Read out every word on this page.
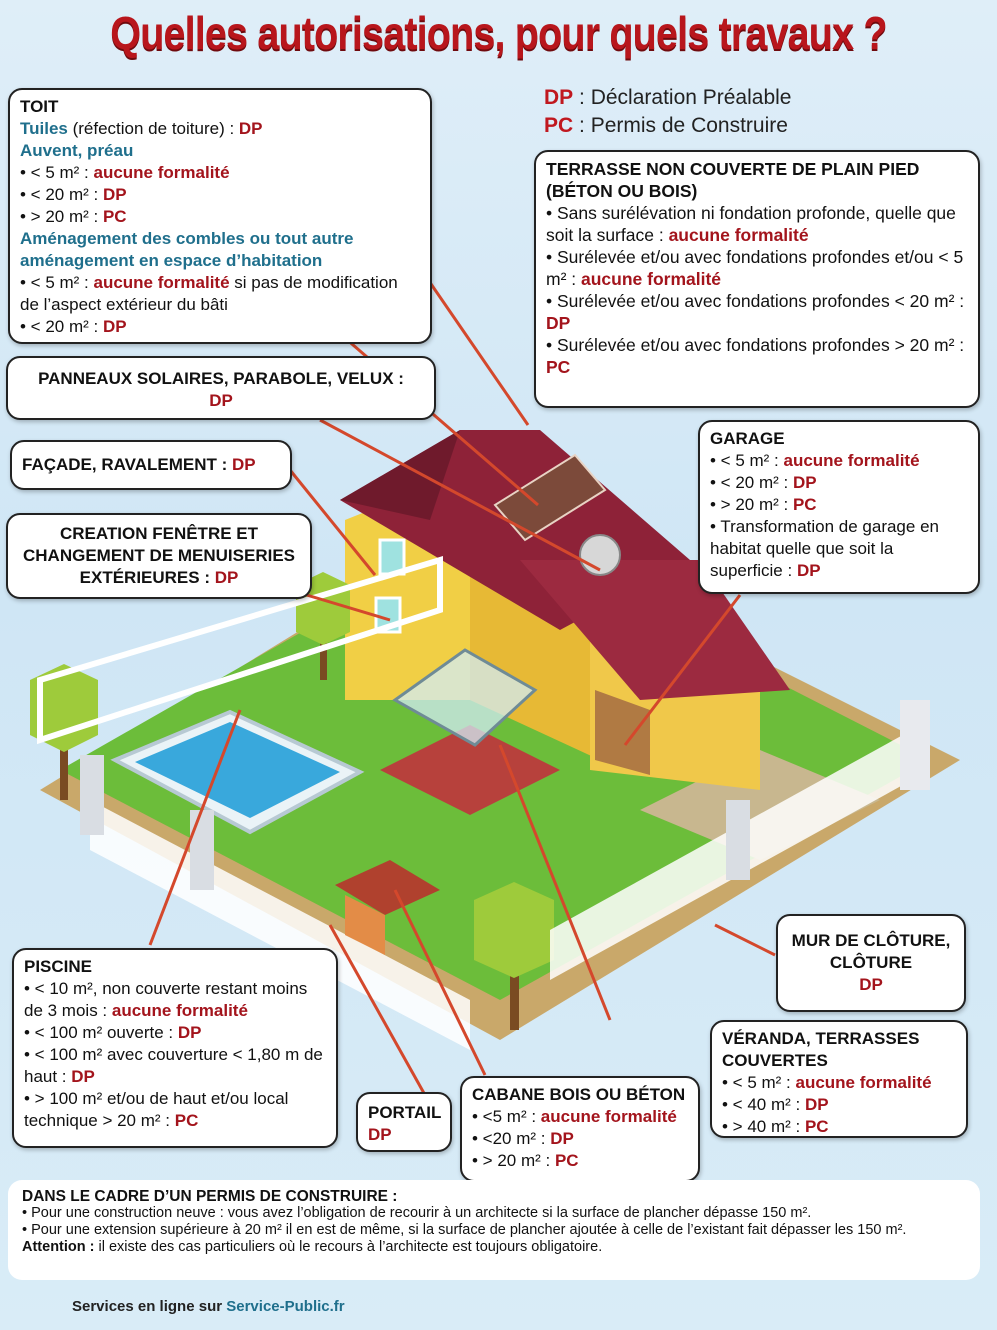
Quelles autorisations, pour quels travaux ?
DP : Déclaration Préalable
PC : Permis de Construire
TOIT
Tuiles (réfection de toiture) : DP
Auvent, préau
• < 5 m² : aucune formalité
• < 20 m² : DP
• > 20 m² : PC
Aménagement des combles ou tout autre aménagement en espace d’habitation
• < 5 m² : aucune formalité si pas de modification de l’aspect extérieur du bâti
• < 20 m² : DP
TERRASSE NON COUVERTE DE PLAIN PIED (BÉTON OU BOIS)
• Sans surélévation ni fondation profonde, quelle que soit la surface : aucune formalité
• Surélevée et/ou avec fondations profondes et/ou < 5 m² : aucune formalité
• Surélevée et/ou avec fondations profondes < 20 m² : DP
• Surélevée et/ou avec fondations profondes > 20 m² : PC
PANNEAUX SOLAIRES, PARABOLE, VELUX :
DP
FAÇADE, RAVALEMENT : DP
CREATION FENÊTRE ET CHANGEMENT DE MENUISERIES EXTÉRIEURES : DP
GARAGE
• < 5 m² : aucune formalité
• < 20 m² : DP
• > 20 m² : PC
• Transformation de garage en habitat quelle que soit la superficie : DP
MUR DE CLÔTURE, CLÔTURE
DP
VÉRANDA, TERRASSES COUVERTES
• < 5 m² : aucune formalité
• < 40 m² : DP
• > 40 m² : PC
PISCINE
• < 10 m², non couverte restant moins de 3 mois : aucune formalité
• < 100 m² ouverte : DP
• < 100 m² avec couverture < 1,80 m de haut : DP
• > 100 m² et/ou de haut et/ou local technique > 20 m² : PC	PORTAIL
DP
CABANE BOIS OU BÉTON
• <5 m² : aucune formalité
• <20 m² : DP
• > 20 m² : PC
DANS LE CADRE D’UN PERMIS DE CONSTRUIRE :
• Pour une construction neuve : vous avez l’obligation de recourir à un architecte si la surface de plancher dépasse 150 m².
• Pour une extension supérieure à 20 m² il en est de même, si la surface de plancher ajoutée à celle de l’existant fait dépasser les 150 m².
Attention : il existe des cas particuliers où le recours à l’architecte est toujours obligatoire.
Services en ligne sur Service-Public.fr
